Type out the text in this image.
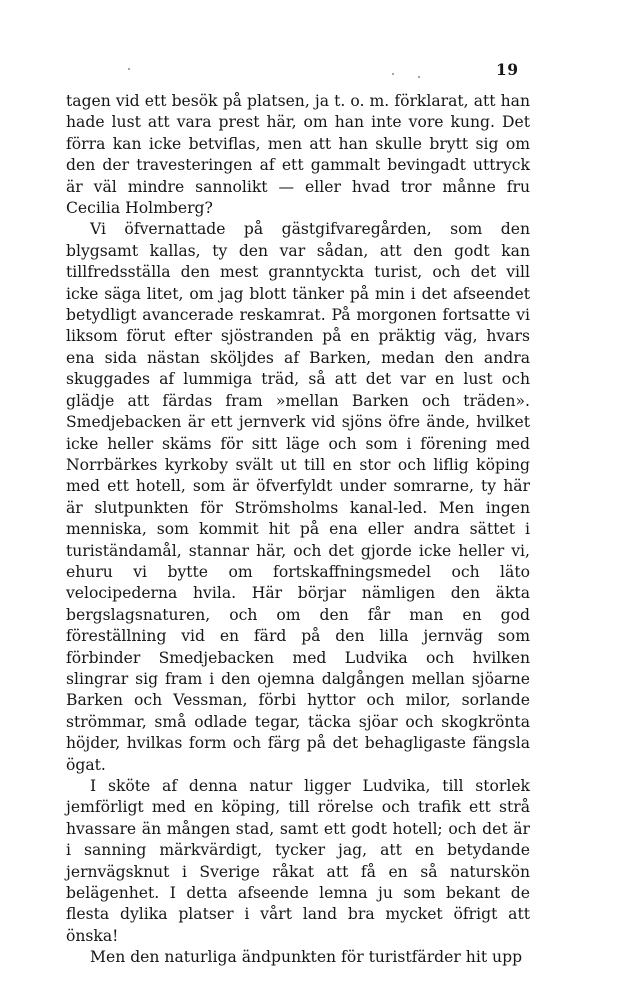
19

tagen vid ett besök på platsen, ja t. o. m. förklarat, att han hade lust att vara prest här, om han inte vore kung. Det förra kan icke betviflas, men att han skulle brytt sig om den der travesteringen af ett gammalt bevingadt uttryck är väl mindre sannolikt — eller hvad tror månne fru Cecilia Holmberg?

Vi öfvernattade på gästgifvaregården, som den blygsamt kallas, ty den var sådan, att den godt kan tillfredsställa den mest granntyckta turist, och det vill icke säga litet, om jag blott tänker på min i det afseendet betydligt avancerade reskamrat. På morgonen fortsatte vi liksom förut efter sjöstranden på en präktig väg, hvars ena sida nästan sköljdes af Barken, medan den andra skuggades af lummiga träd, så att det var en lust och glädje att färdas fram »mellan Barken och träden». Smedjebacken är ett jernverk vid sjöns öfre ände, hvilket icke heller skäms för sitt läge och som i förening med Norrbärkes kyrkoby svält ut till en stor och liflig köping med ett hotell, som är öfverfyldt under somrarne, ty här är slutpunkten för Strömsholms kanal-led. Men ingen menniska, som kommit hit på ena eller andra sättet i turiständamål, stannar här, och det gjorde icke heller vi, ehuru vi bytte om fortskaffningsmedel och läto velocipederna hvila. Här börjar nämligen den äkta bergslagsnaturen, och om den får man en god föreställning vid en färd på den lilla jernväg som förbinder Smedjebacken med Ludvika och hvilken slingrar sig fram i den ojemna dalgången mellan sjöarne Barken och Vessman, förbi hyttor och milor, sorlande strömmar, små odlade tegar, täcka sjöar och skogkrönta höjder, hvilkas form och färg på det behagligaste fängsla ögat.

I sköte af denna natur ligger Ludvika, till storlek jemförligt med en köping, till rörelse och trafik ett strå hvassare än mången stad, samt ett godt hotell; och det är i sanning märkvärdigt, tycker jag, att en betydande jernvägsknut i Sverige råkat att få en så naturskön belägenhet. I detta afseende lemna ju som bekant de flesta dylika platser i vårt land bra mycket öfrigt att önska!

Men den naturliga ändpunkten för turistfärder hit upp
